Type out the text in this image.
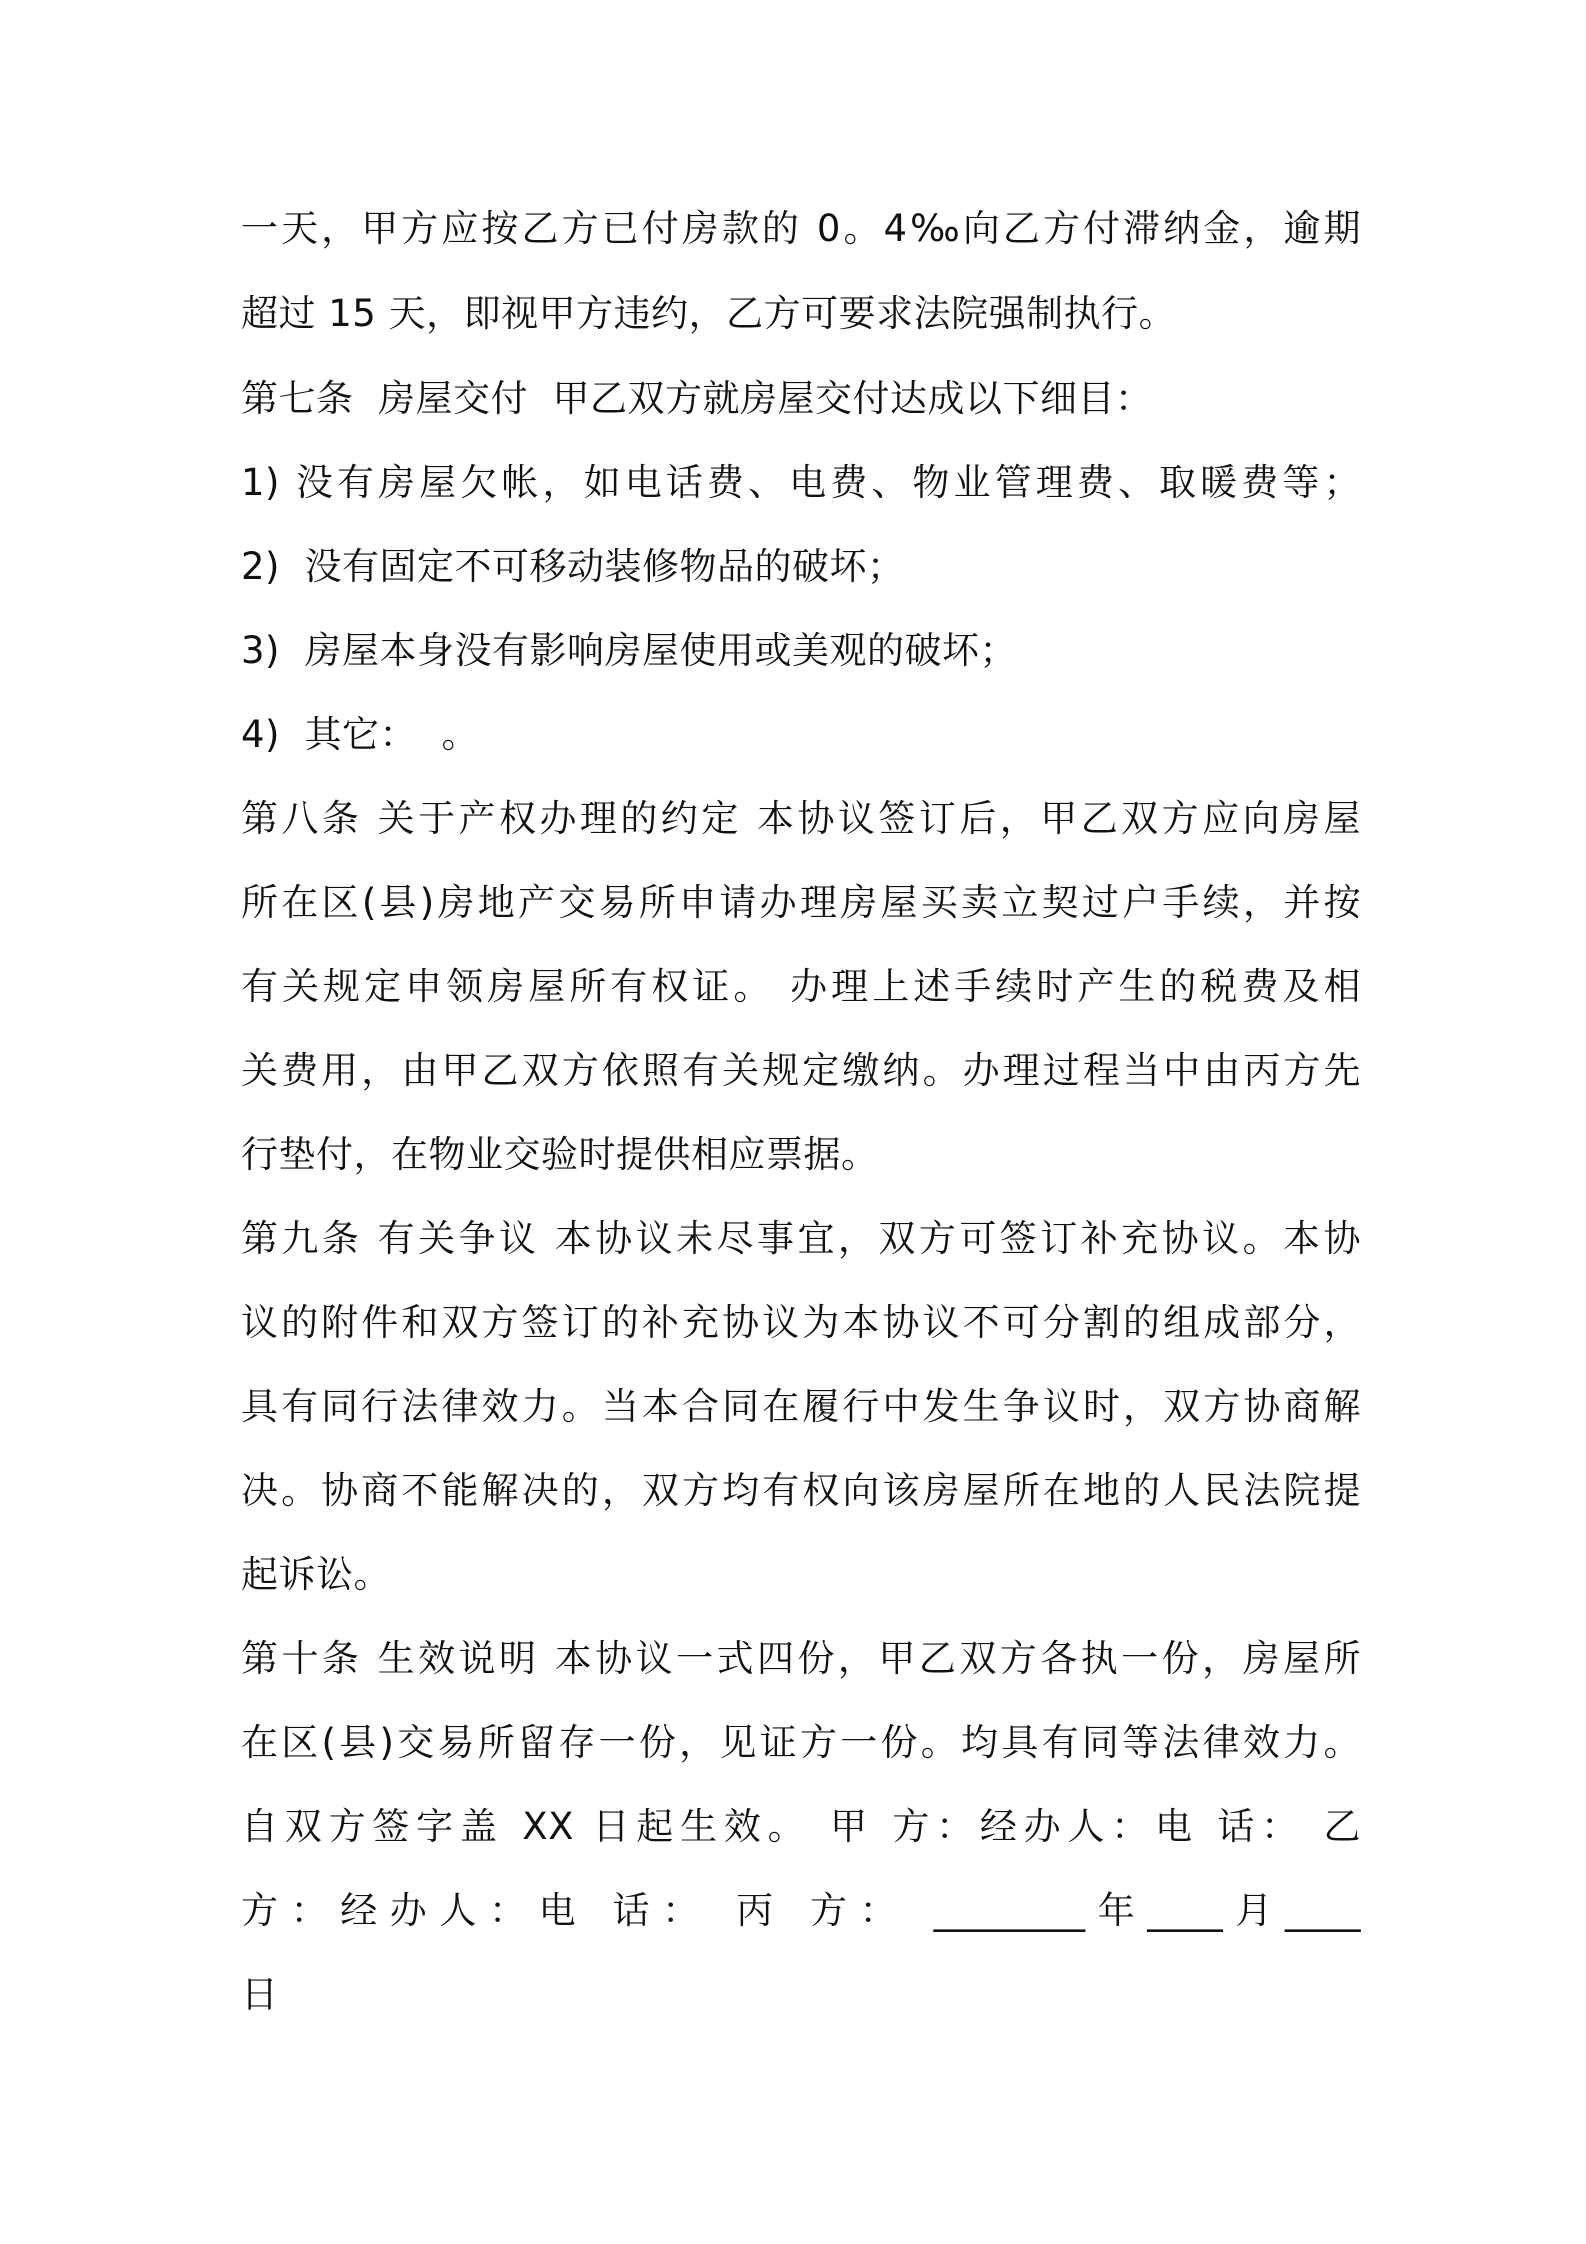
一天，甲方应按乙方已付房款的 0。4‰向乙方付滞纳金，逾期
超过 15 天，即视甲方违约，乙方可要求法院强制执行。
第七条  房屋交付  甲乙双方就房屋交付达成以下细目：
1) 没有房屋欠帐，如电话费、电费、物业管理费、取暖费等；
2)  没有固定不可移动装修物品的破坏；
3)  房屋本身没有影响房屋使用或美观的破坏；
4)  其它：  。
第八条 关于产权办理的约定 本协议签订后，甲乙双方应向房屋
所在区(县)房地产交易所申请办理房屋买卖立契过户手续，并按
有关规定申领房屋所有权证。 办理上述手续时产生的税费及相
关费用，由甲乙双方依照有关规定缴纳。办理过程当中由丙方先
行垫付，在物业交验时提供相应票据。
第九条 有关争议 本协议未尽事宜，双方可签订补充协议。本协
议的附件和双方签订的补充协议为本协议不可分割的组成部分，
具有同行法律效力。当本合同在履行中发生争议时，双方协商解
决。协商不能解决的，双方均有权向该房屋所在地的人民法院提
起诉讼。
第十条 生效说明 本协议一式四份，甲乙双方各执一份，房屋所
在区(县)交易所留存一份，见证方一份。均具有同等法律效力。
自双方签字盖 XX 日起生效。 甲 方：经办人：电 话： 乙
方：经办人：电 话： 丙 方： ________年____月____
日
